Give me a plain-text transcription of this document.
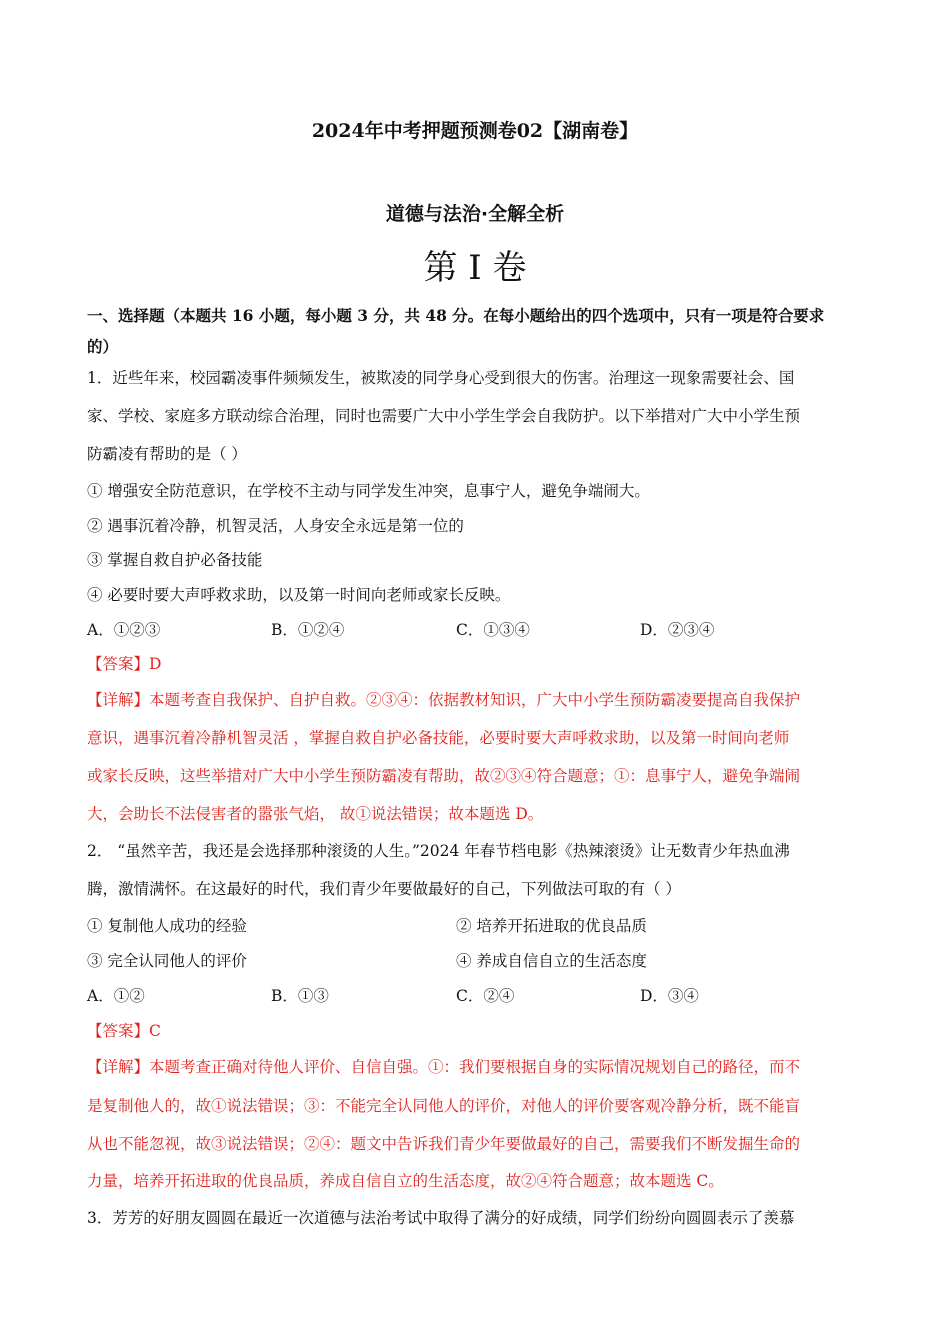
2024年中考押题预测卷02【湖南卷】
道德与法治·全解全析
第 I 卷
一、选择题（本题共 16 小题，每小题 3 分，共 48 分。在每小题给出的四个选项中，只有一项是符合要求
的）
1．近些年来，校园霸凌事件频频发生，被欺凌的同学身心受到很大的伤害。治理这一现象需要社会、国
家、学校、家庭多方联动综合治理，同时也需要广大中小学生学会自我防护。以下举措对广大中小学生预
防霸凌有帮助的是（ ）
① 增强安全防范意识，在学校不主动与同学发生冲突，息事宁人，避免争端闹大。
② 遇事沉着冷静，机智灵活，人身安全永远是第一位的
③ 掌握自救自护必备技能
④ 必要时要大声呼救求助，以及第一时间向老师或家长反映。
A．①②③	B．①②④	C．①③④	D．②③④
【答案】D
【详解】本题考查自我保护、自护自救。②③④：依据教材知识，广大中小学生预防霸凌要提高自我保护
意识，遇事沉着冷静机智灵活 ，掌握自救自护必备技能，必要时要大声呼救求助，以及第一时间向老师
或家长反映，这些举措对广大中小学生预防霸凌有帮助，故②③④符合题意；①：息事宁人，避免争端闹
大，会助长不法侵害者的嚣张气焰， 故①说法错误；故本题选 D。
2． “虽然辛苦，我还是会选择那种滚烫的人生。”2024 年春节档电影《热辣滚烫》让无数青少年热血沸
腾，激情满怀。在这最好的时代，我们青少年要做最好的自己，下列做法可取的有（ ）
① 复制他人成功的经验	② 培养开拓进取的优良品质
③ 完全认同他人的评价	④ 养成自信自立的生活态度
A．①②	B．①③	C．②④	D．③④
【答案】C
【详解】本题考查正确对待他人评价、自信自强。①：我们要根据自身的实际情况规划自己的路径，而不
是复制他人的，故①说法错误；③：不能完全认同他人的评价，对他人的评价要客观冷静分析，既不能盲
从也不能忽视，故③说法错误；②④：题文中告诉我们青少年要做最好的自己，需要我们不断发掘生命的
力量，培养开拓进取的优良品质，养成自信自立的生活态度，故②④符合题意；故本题选 C。
3．芳芳的好朋友圆圆在最近一次道德与法治考试中取得了满分的好成绩，同学们纷纷向圆圆表示了羡慕
